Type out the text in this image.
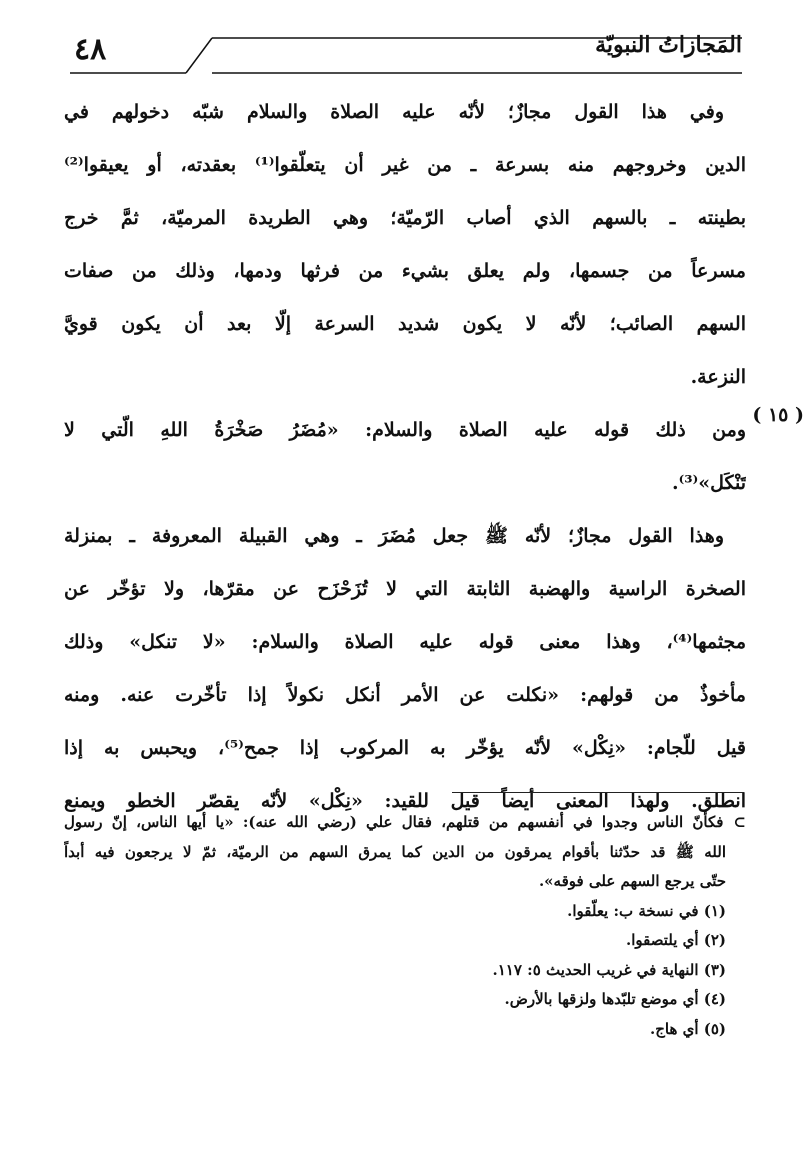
٤٨	المَجازاتُ النبويّة
وفي هذا القول مجازٌ؛ لأنّه عليه الصلاة والسلام شبّه دخولهم في
الدين وخروجهم منه بسرعة ـ من غير أن يتعلّقوا⁽¹⁾ بعقدته، أو يعيقوا⁽²⁾
بطينته ـ بالسهم الذي أصاب الرّميّة؛ وهي الطريدة المرميّة، ثمَّ خرج
مسرعاً من جسمها، ولم يعلق بشيء من فرثها ودمها، وذلك من صفات
السهم الصائب؛ لأنّه لا يكون شديد السرعة إلّا بعد أن يكون قويَّ
النزعة.
( ١٥ )
ومن ذلك قوله عليه الصلاة والسلام: «مُضَرُ صَخْرَةُ اللهِ الّتي لا
تَنْكَل»⁽³⁾.
وهذا القول مجازٌ؛ لأنّه ﷺ جعل مُضَرَ ـ وهي القبيلة المعروفة ـ بمنزلة
الصخرة الراسية والهضبة الثابتة التي لا تُزَحْزَح عن مقرّها، ولا تؤخّر عن
مجثمها⁽⁴⁾، وهذا معنى قوله عليه الصلاة والسلام: «لا تنكل» وذلك
مأخوذٌ من قولهم: «نكلت عن الأمر أنكل نكولاً إذا تأخّرت عنه. ومنه
قيل للّجام: «نِكْل» لأنّه يؤخّر به المركوب إذا جمح⁽⁵⁾، ويحبس به إذا
انطلق. ولهذا المعنى أيضاً قيل للقيد: «نِكْل» لأنّه يقصّر الخطو ويمنع
⊃فكأنّ الناس وجدوا في أنفسهم من قتلهم، فقال علي (رضي الله عنه): «يا أيها الناس، إنّ رسول
الله ﷺ قد حدّثنا بأقوام يمرقون من الدين كما يمرق السهم من الرميّة، ثمّ لا يرجعون فيه أبداً
حتّى يرجع السهم على فوقه».
(١) في نسخة ب: يعلّقوا.
(٢) أي يلتصقوا.
(٣) النهاية في غريب الحديث ٥: ١١٧.
(٤) أي موضع تلبّدها ولزقها بالأرض.
(٥) أي هاج.
